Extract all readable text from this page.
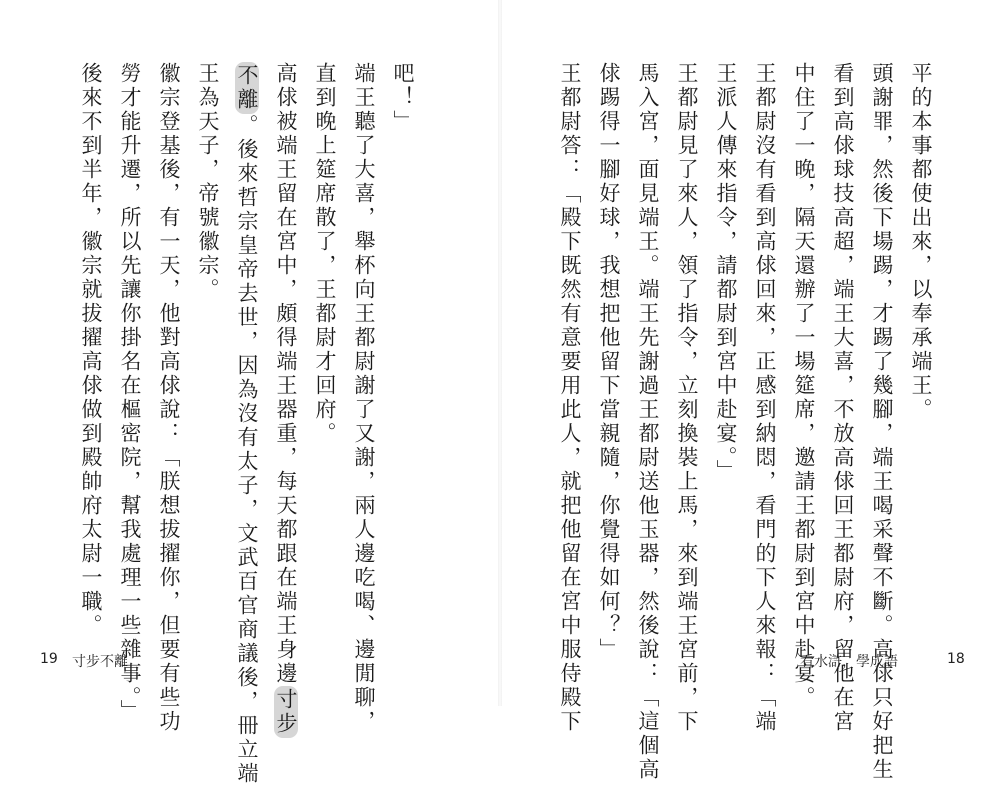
吧！」

端王聽了大喜，舉杯向王都尉謝了又謝，兩人邊吃喝、邊閒聊，

直到晚上筵席散了，王都尉才回府。

高俅被端王留在宮中，頗得端王器重，每天都跟在端王身邊寸步

不離。後來哲宗皇帝去世，因為沒有太子，文武百官商議後，冊立端

王為天子，帝號徽宗。

徽宗登基後，有一天，他對高俅說：「朕想拔擢你，但要有些功

勞才能升遷，所以先讓你掛名在樞密院，幫我處理一些雜事。」

後來不到半年，徽宗就拔擢高俅做到殿帥府太尉一職。

19 寸步不離

平的本事都使出來，以奉承端王。

頭謝罪，然後下場踢，才踢了幾腳，端王喝采聲不斷。高俅只好把生

看到高俅球技高超，端王大喜，不放高俅回王都尉府，留他在宮

中住了一晚，隔天還辦了一場筵席，邀請王都尉到宮中赴宴。

王都尉沒有看到高俅回來，正感到納悶，看門的下人來報：「端

王派人傳來指令，請都尉到宮中赴宴。」

王都尉見了來人，領了指令，立刻換裝上馬，來到端王宮前，下

馬入宮，面見端王。端王先謝過王都尉送他玉器，然後說：「這個高

俅踢得一腳好球，我想把他留下當親隨，你覺得如何？」

王都尉答：「殿下既然有意要用此人，就把他留在宮中服侍殿下	看水滸，學成語	18
